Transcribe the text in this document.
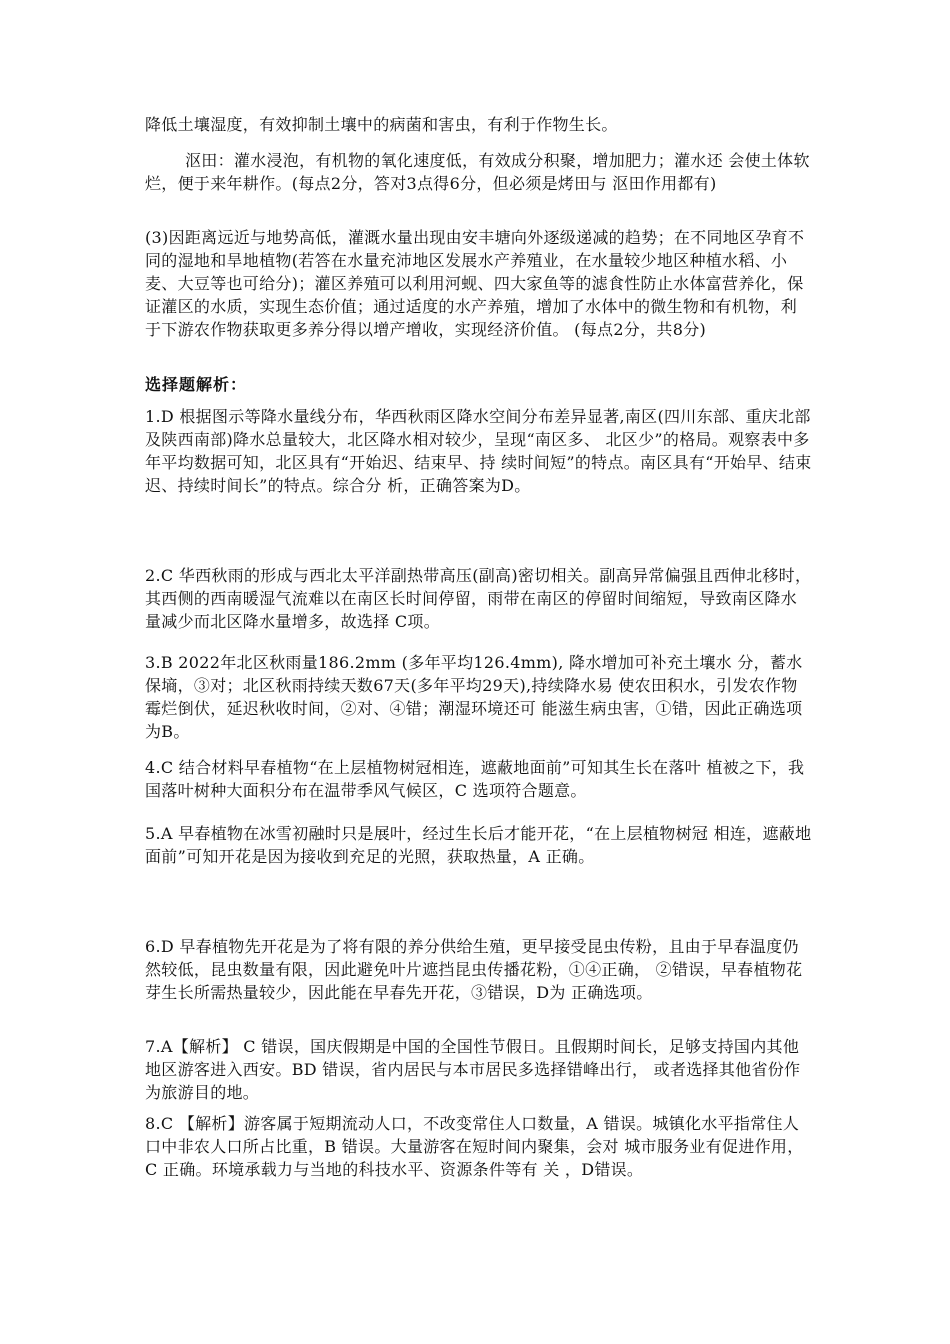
降低土壤湿度，有效抑制土壤中的病菌和害虫，有利于作物生长。

沤田：灌水浸泡，有机物的氧化速度低，有效成分积聚，增加肥力；灌水还 会使土体软烂，便于来年耕作。(每点2分，答对3点得6分，但必须是烤田与 沤田作用都有)

(3)因距离远近与地势高低，灌溉水量出现由安丰塘向外逐级递减的趋势；在不同地区孕育不同的湿地和旱地植物(若答在水量充沛地区发展水产养殖业，在水量较少地区种植水稻、小麦、大豆等也可给分)；灌区养殖可以利用河蚬、四大家鱼等的滤食性防止水体富营养化，保证灌区的水质，实现生态价值；通过适度的水产养殖，增加了水体中的微生物和有机物，利于下游农作物获取更多养分得以增产增收，实现经济价值。 (每点2分，共8分)

选择题解析：

1.D 根据图示等降水量线分布，华西秋雨区降水空间分布差异显著,南区(四川东部、重庆北部及陕西南部)降水总量较大，北区降水相对较少，呈现“南区多、 北区少”的格局。观察表中多年平均数据可知，北区具有“开始迟、结束早、持 续时间短”的特点。南区具有“开始早、结束迟、持续时间长”的特点。综合分 析，正确答案为D。

2.C 华西秋雨的形成与西北太平洋副热带高压(副高)密切相关。副高异常偏强且西伸北移时，其西侧的西南暖湿气流难以在南区长时间停留，雨带在南区的停留时间缩短，导致南区降水量减少而北区降水量增多，故选择 C项。

3.B 2022年北区秋雨量186.2mm (多年平均126.4mm), 降水增加可补充土壤水 分，蓄水保墒，③对；北区秋雨持续天数67天(多年平均29天),持续降水易 使农田积水，引发农作物霉烂倒伏，延迟秋收时间，②对、④错；潮湿环境还可 能滋生病虫害，①错，因此正确选项为B。

4.C 结合材料早春植物“在上层植物树冠相连，遮蔽地面前”可知其生长在落叶 植被之下，我国落叶树种大面积分布在温带季风气候区，C 选项符合题意。

5.A 早春植物在冰雪初融时只是展叶，经过生长后才能开花，“在上层植物树冠 相连，遮蔽地面前”可知开花是因为接收到充足的光照，获取热量，A 正确。

6.D 早春植物先开花是为了将有限的养分供给生殖，更早接受昆虫传粉，且由于早春温度仍然较低，昆虫数量有限，因此避免叶片遮挡昆虫传播花粉，①④正确， ②错误，早春植物花芽生长所需热量较少，因此能在早春先开花，③错误，D为 正确选项。

7.A【解析】 C 错误，国庆假期是中国的全国性节假日。且假期时间长，足够支持国内其他地区游客进入西安。BD 错误，省内居民与本市居民多选择错峰出行， 或者选择其他省份作为旅游目的地。

8.C 【解析】游客属于短期流动人口，不改变常住人口数量，A 错误。城镇化水平指常住人口中非农人口所占比重，B 错误。大量游客在短时间内聚集，会对 城市服务业有促进作用，C 正确。环境承载力与当地的科技水平、资源条件等有 关 ，D错误。
